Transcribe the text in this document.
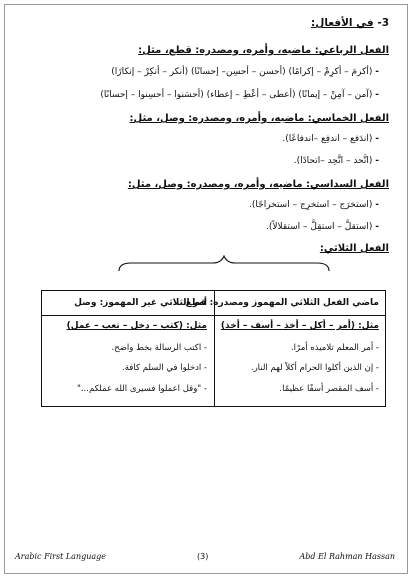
3- في الأفعال:
الفعل الرباعي: ماضيه، وأمره، ومصدره: قطع، مثل:
- (أكرمَ – أكرِمْ – إكرامًا) (أحسن – أحسِن– إحسانًا) (أنكر – أنكِرْ – إنكارًا)
- (آمن – آمِنْ – إيمانًا) (أعطى – أعْطِ – إعطاء) (أحسَنوا – أحسِنوا – إحسانًا)
الفعل الخماسي: ماضيه، وأمره، ومصدره: وصل، مثل:
- (اندَفع – اندفِع –اندفاعًا).
- (اتَّحد – اتَّحِد –اتحادًا).
الفعل السداسي: ماضيه، وأمره، ومصدره: وصل، مثل:
- (استخرَج – استخرِج – استخراجًا).
- (استقلَّ – استقِلَّ – استقلالاً).
الفعل الثلاثي:
ماضي الفعل الثلاثي المهموز ومصدره: قطع
أمر الثلاثي غير المهموز: وصل
مثل: (أمر – أكل – أخذ – أسف – أخذ)
- أمر المعلم تلاميذه أمرًا.
- إن الذين أكلوا الحرام أكلاً لهم النار.
- أسف المقصر أسفًا عظيمًا.
مثل: (كتب – دخل – تعب – عمل)
- اكتب الرسالة بخط واضح.
- ادخلوا في السلم كافة.
- "وقل اعملوا فسيرى الله عملكم..."
Arabic First Language	(3)	Abd El Rahman Hassan
